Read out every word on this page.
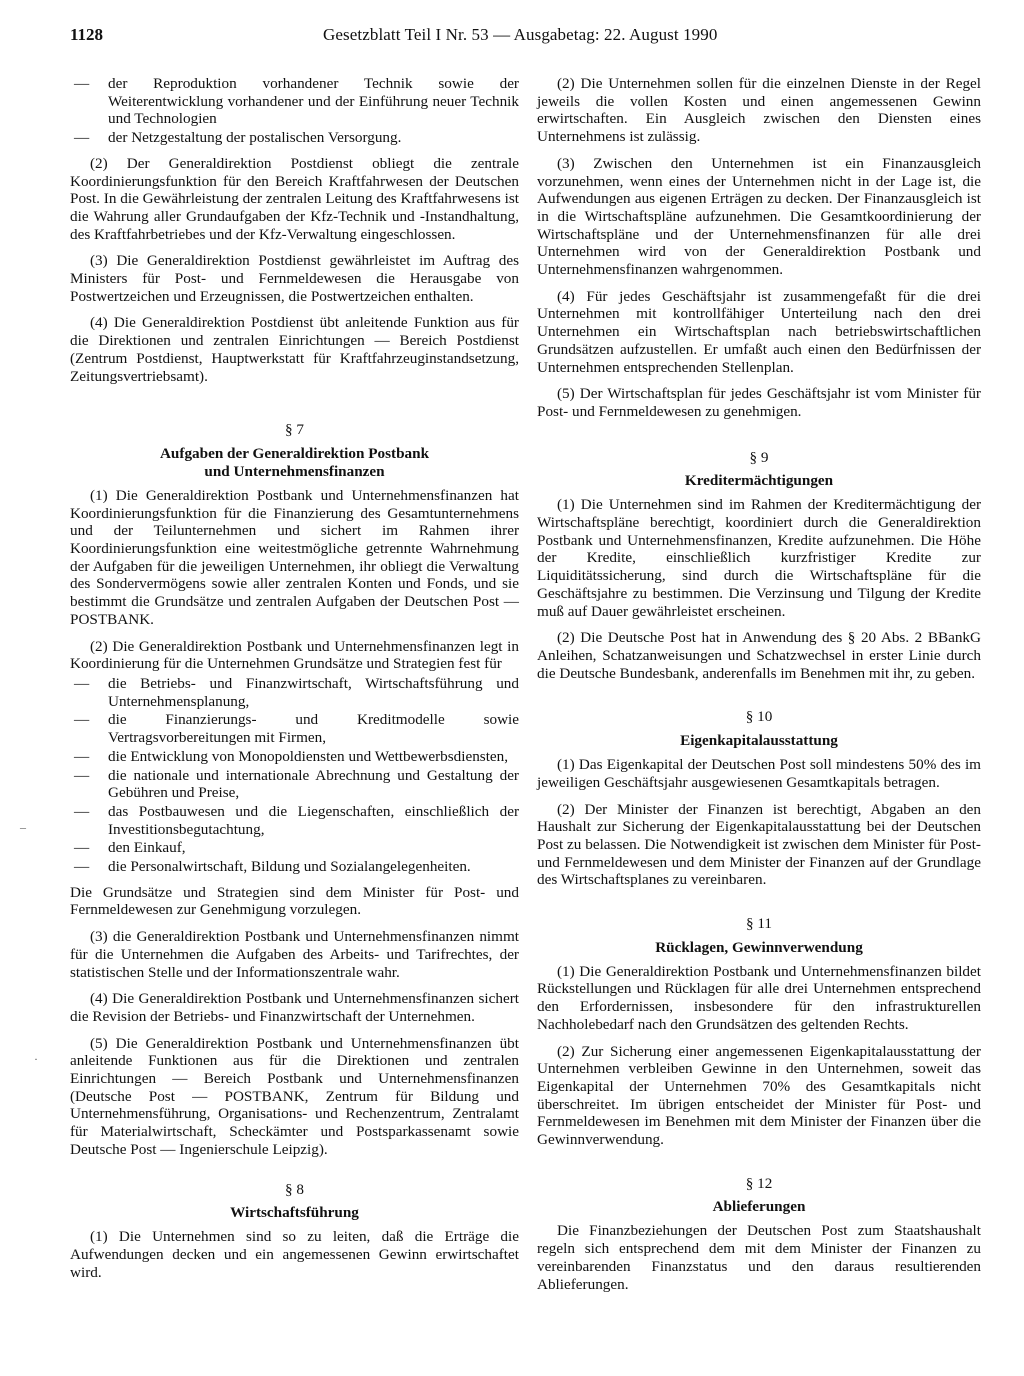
1128	Gesetzblatt Teil I Nr. 53 — Ausgabetag: 22. August 1990
— der Reproduktion vorhandener Technik sowie der Weiterentwicklung vorhandener und der Einführung neuer Technik und Technologien
— der Netzgestaltung der postalischen Versorgung.

(2) Der Generaldirektion Postdienst obliegt die zentrale Koordinierungsfunktion für den Bereich Kraftfahrwesen der Deutschen Post. In die Gewährleistung der zentralen Leitung des Kraftfahrwesens ist die Wahrung aller Grundaufgaben der Kfz-Technik und -Instandhaltung, des Kraftfahrbetriebes und der Kfz-Verwaltung eingeschlossen.

(3) Die Generaldirektion Postdienst gewährleistet im Auftrag des Ministers für Post- und Fernmeldewesen die Herausgabe von Postwertzeichen und Erzeugnissen, die Postwertzeichen enthalten.

(4) Die Generaldirektion Postdienst übt anleitende Funktion aus für die Direktionen und zentralen Einrichtungen — Bereich Postdienst (Zentrum Postdienst, Hauptwerkstatt für Kraftfahrzeuginstandsetzung, Zeitungsvertriebsamt).

§ 7
Aufgaben der Generaldirektion Postbank
und Unternehmensfinanzen

(1) Die Generaldirektion Postbank und Unternehmensfinanzen hat Koordinierungsfunktion für die Finanzierung des Gesamtunternehmens und der Teilunternehmen und sichert im Rahmen ihrer Koordinierungsfunktion eine weitestmögliche getrennte Wahrnehmung der Aufgaben für die jeweiligen Unternehmen, ihr obliegt die Verwaltung des Sondervermögens sowie aller zentralen Konten und Fonds, und sie bestimmt die Grundsätze und zentralen Aufgaben der Deutschen Post — POSTBANK.

(2) Die Generaldirektion Postbank und Unternehmensfinanzen legt in Koordinierung für die Unternehmen Grundsätze und Strategien fest für

— die Betriebs- und Finanzwirtschaft, Wirtschaftsführung und Unternehmensplanung,
— die Finanzierungs- und Kreditmodelle sowie Vertragsvorbereitungen mit Firmen,
— die Entwicklung von Monopoldiensten und Wettbewerbsdiensten,
— die nationale und internationale Abrechnung und Gestaltung der Gebühren und Preise,
— das Postbauwesen und die Liegenschaften, einschließlich der Investitionsbegutachtung,
— den Einkauf,
— die Personalwirtschaft, Bildung und Sozialangelegenheiten.

Die Grundsätze und Strategien sind dem Minister für Post- und Fernmeldewesen zur Genehmigung vorzulegen.

(3) die Generaldirektion Postbank und Unternehmensfinanzen nimmt für die Unternehmen die Aufgaben des Arbeits- und Tarifrechtes, der statistischen Stelle und der Informationszentrale wahr.

(4) Die Generaldirektion Postbank und Unternehmensfinanzen sichert die Revision der Betriebs- und Finanzwirtschaft der Unternehmen.

(5) Die Generaldirektion Postbank und Unternehmensfinanzen übt anleitende Funktionen aus für die Direktionen und zentralen Einrichtungen — Bereich Postbank und Unternehmensfinanzen (Deutsche Post — POSTBANK, Zentrum für Bildung und Unternehmensführung, Organisations- und Rechenzentrum, Zentralamt für Materialwirtschaft, Scheckämter und Postsparkassenamt sowie Deutsche Post — Ingenierschule Leipzig).

§ 8
Wirtschaftsführung

(1) Die Unternehmen sind so zu leiten, daß die Erträge die Aufwendungen decken und ein angemessenen Gewinn erwirtschaftet wird.

(2) Die Unternehmen sollen für die einzelnen Dienste in der Regel jeweils die vollen Kosten und einen angemessenen Gewinn erwirtschaften. Ein Ausgleich zwischen den Diensten eines Unternehmens ist zulässig.

(3) Zwischen den Unternehmen ist ein Finanzausgleich vorzunehmen, wenn eines der Unternehmen nicht in der Lage ist, die Aufwendungen aus eigenen Erträgen zu decken. Der Finanzausgleich ist in die Wirtschaftspläne aufzunehmen. Die Gesamtkoordinierung der Wirtschaftspläne und der Unternehmensfinanzen für alle drei Unternehmen wird von der Generaldirektion Postbank und Unternehmensfinanzen wahrgenommen.

(4) Für jedes Geschäftsjahr ist zusammengefaßt für die drei Unternehmen mit kontrollfähiger Unterteilung nach den drei Unternehmen ein Wirtschaftsplan nach betriebswirtschaftlichen Grundsätzen aufzustellen. Er umfaßt auch einen den Bedürfnissen der Unternehmen entsprechenden Stellenplan.

(5) Der Wirtschaftsplan für jedes Geschäftsjahr ist vom Minister für Post- und Fernmeldewesen zu genehmigen.

§ 9
Kreditermächtigungen

(1) Die Unternehmen sind im Rahmen der Kreditermächtigung der Wirtschaftspläne berechtigt, koordiniert durch die Generaldirektion Postbank und Unternehmensfinanzen, Kredite aufzunehmen. Die Höhe der Kredite, einschließlich kurzfristiger Kredite zur Liquiditätssicherung, sind durch die Wirtschaftspläne für die Geschäftsjahre zu bestimmen. Die Verzinsung und Tilgung der Kredite muß auf Dauer gewährleistet erscheinen.

(2) Die Deutsche Post hat in Anwendung des § 20 Abs. 2 BBankG Anleihen, Schatzanweisungen und Schatzwechsel in erster Linie durch die Deutsche Bundesbank, anderenfalls im Benehmen mit ihr, zu geben.

§ 10
Eigenkapitalausstattung

(1) Das Eigenkapital der Deutschen Post soll mindestens 50% des im jeweiligen Geschäftsjahr ausgewiesenen Gesamtkapitals betragen.

(2) Der Minister der Finanzen ist berechtigt, Abgaben an den Haushalt zur Sicherung der Eigenkapitalausstattung bei der Deutschen Post zu belassen. Die Notwendigkeit ist zwischen dem Minister für Post- und Fernmeldewesen und dem Minister der Finanzen auf der Grundlage des Wirtschaftsplanes zu vereinbaren.

§ 11
Rücklagen, Gewinnverwendung

(1) Die Generaldirektion Postbank und Unternehmensfinanzen bildet Rückstellungen und Rücklagen für alle drei Unternehmen entsprechend den Erfordernissen, insbesondere für den infrastrukturellen Nachholebedarf nach den Grundsätzen des geltenden Rechts.

(2) Zur Sicherung einer angemessenen Eigenkapitalausstattung der Unternehmen verbleiben Gewinne in den Unternehmen, soweit das Eigenkapital der Unternehmen 70% des Gesamtkapitals nicht überschreitet. Im übrigen entscheidet der Minister für Post- und Fernmeldewesen im Benehmen mit dem Minister der Finanzen über die Gewinnverwendung.

§ 12
Ablieferungen

Die Finanzbeziehungen der Deutschen Post zum Staatshaushalt regeln sich entsprechend dem mit dem Minister der Finanzen zu vereinbarenden Finanzstatus und den daraus resultierenden Ablieferungen.

–
·
